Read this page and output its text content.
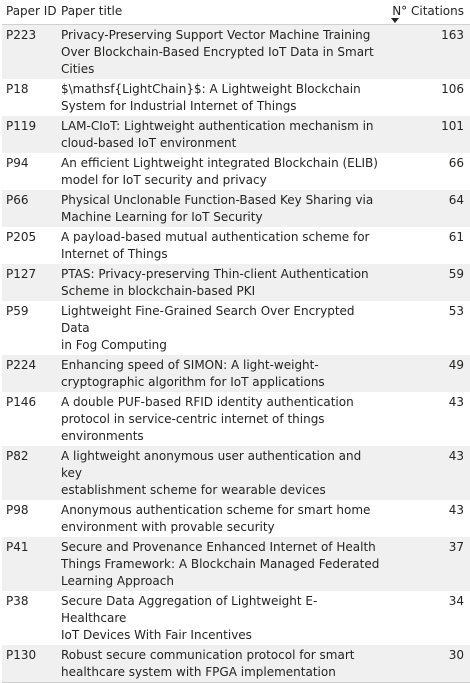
Paper ID Paper title	N° Citations
P223	Privacy-Preserving Support Vector Machine Training
Over Blockchain-Based Encrypted IoT Data in Smart
Cities
163
P18	$\mathsf{LightChain}$: A Lightweight Blockchain
System for Industrial Internet of Things
106
P119	LAM-CIoT: Lightweight authentication mechanism in
cloud-based IoT environment
101
P94	An efficient Lightweight integrated Blockchain (ELIB)
model for IoT security and privacy
66
P66	Physical Unclonable Function-Based Key Sharing via
Machine Learning for IoT Security
64
P205	A payload-based mutual authentication scheme for
Internet of Things
61
P127	PTAS: Privacy-preserving Thin-client Authentication
Scheme in blockchain-based PKI
59
P59	Lightweight Fine-Grained Search Over Encrypted Data
in Fog Computing
53
P224	Enhancing speed of SIMON: A light-weight-
cryptographic algorithm for IoT applications
49
P146	A double PUF-based RFID identity authentication
protocol in service-centric internet of things
environments
43
P82	A lightweight anonymous user authentication and key
establishment scheme for wearable devices
43
P98	Anonymous authentication scheme for smart home
environment with provable security
43
P41	Secure and Provenance Enhanced Internet of Health
Things Framework: A Blockchain Managed Federated
Learning Approach
37
P38	Secure Data Aggregation of Lightweight E-Healthcare
IoT Devices With Fair Incentives
34
P130	Robust secure communication protocol for smart
healthcare system with FPGA implementation
30
